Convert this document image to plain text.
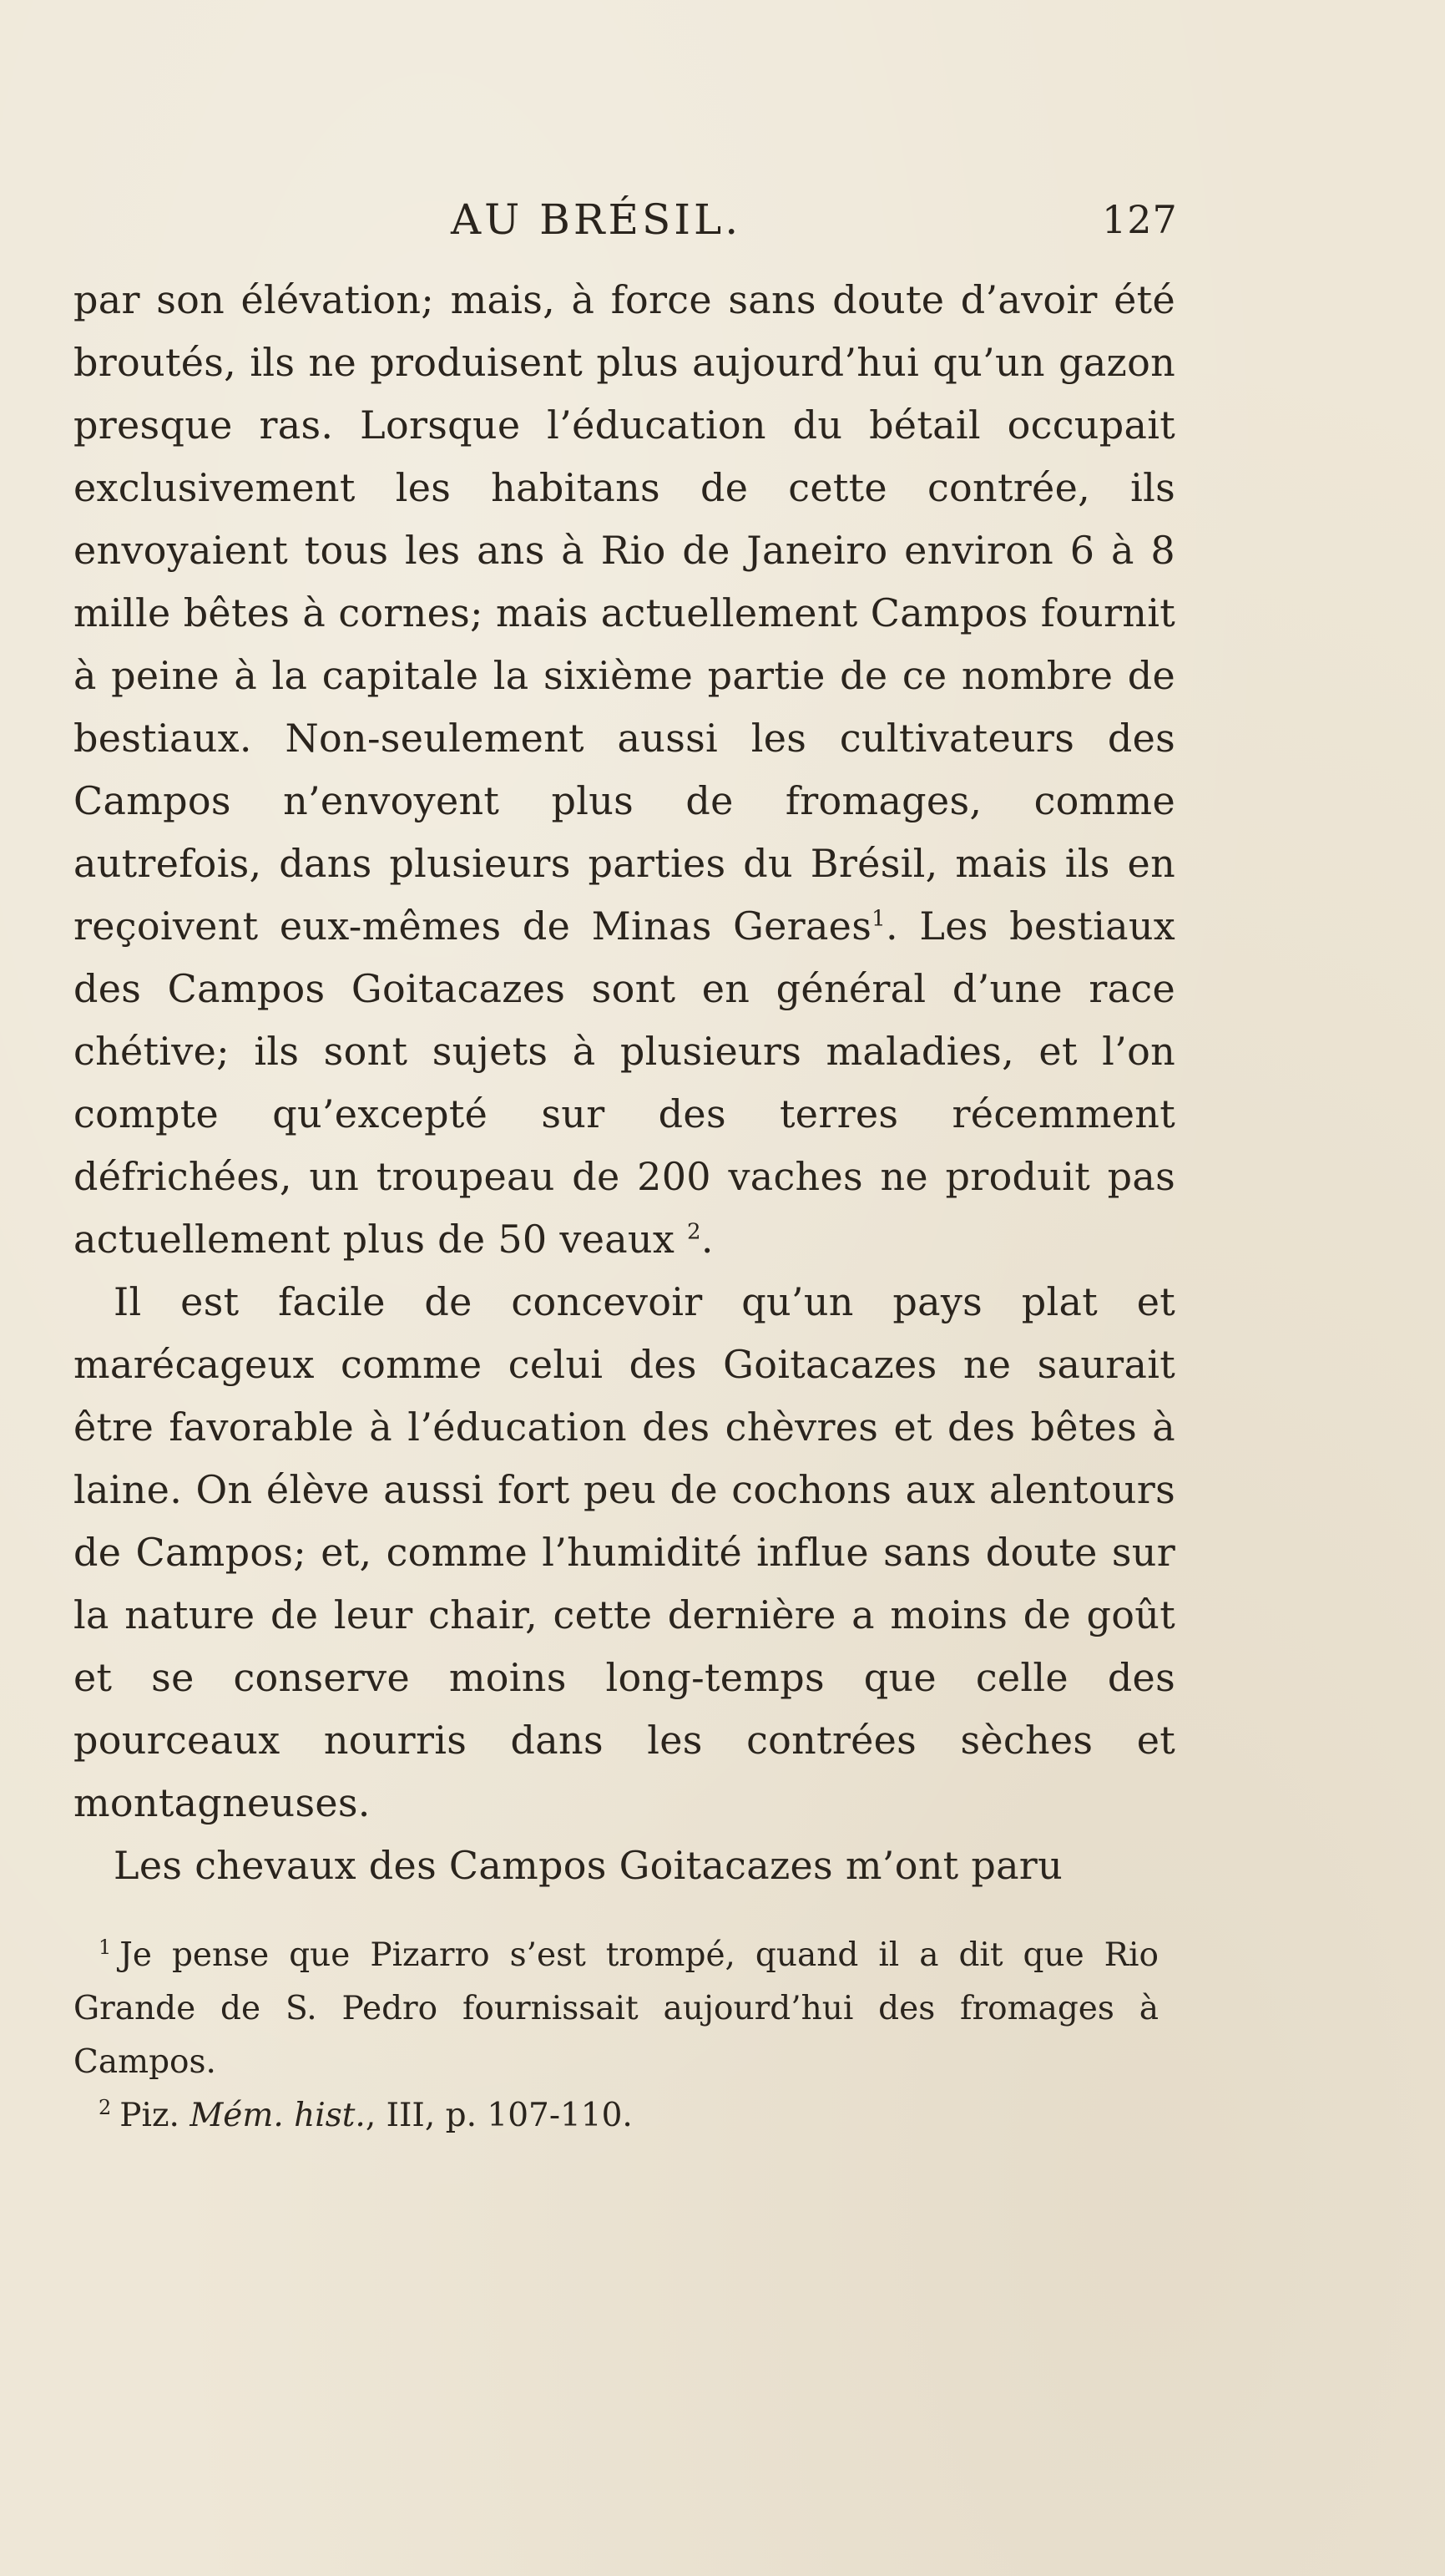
AU BRÉSIL.	127

par son élévation; mais, à force sans doute d’avoir été broutés, ils ne produisent plus aujourd’hui qu’un gazon presque ras. Lorsque l’éducation du bétail occupait exclusivement les habitans de cette contrée, ils envoyaient tous les ans à Rio de Janeiro environ 6 à 8 mille bêtes à cornes; mais actuellement Campos fournit à peine à la capitale la sixième partie de ce nombre de bestiaux. Non-seulement aussi les cultivateurs des Campos n’envoyent plus de fromages, comme autrefois, dans plusieurs parties du Brésil, mais ils en reçoivent eux-mêmes de Minas Geraes$^1$. Les bestiaux des Campos Goitacazes sont en général d’une race chétive; ils sont sujets à plusieurs maladies, et l’on compte qu’excepté sur des terres récemment défrichées, un troupeau de 200 vaches ne produit pas actuellement plus de 50 veaux $^2$.

Il est facile de concevoir qu’un pays plat et marécageux comme celui des Goitacazes ne saurait être favorable à l’éducation des chèvres et des bêtes à laine. On élève aussi fort peu de cochons aux alentours de Campos; et, comme l’humidité influe sans doute sur la nature de leur chair, cette dernière a moins de goût et se conserve moins long-temps que celle des pourceaux nourris dans les contrées sèches et montagneuses.

Les chevaux des Campos Goitacazes m’ont paru

$^1$ Je pense que Pizarro s’est trompé, quand il a dit que Rio Grande de S. Pedro fournissait aujourd’hui des fromages à Campos.

$^2$ Piz. Mém. hist., III, p. 107-110.
